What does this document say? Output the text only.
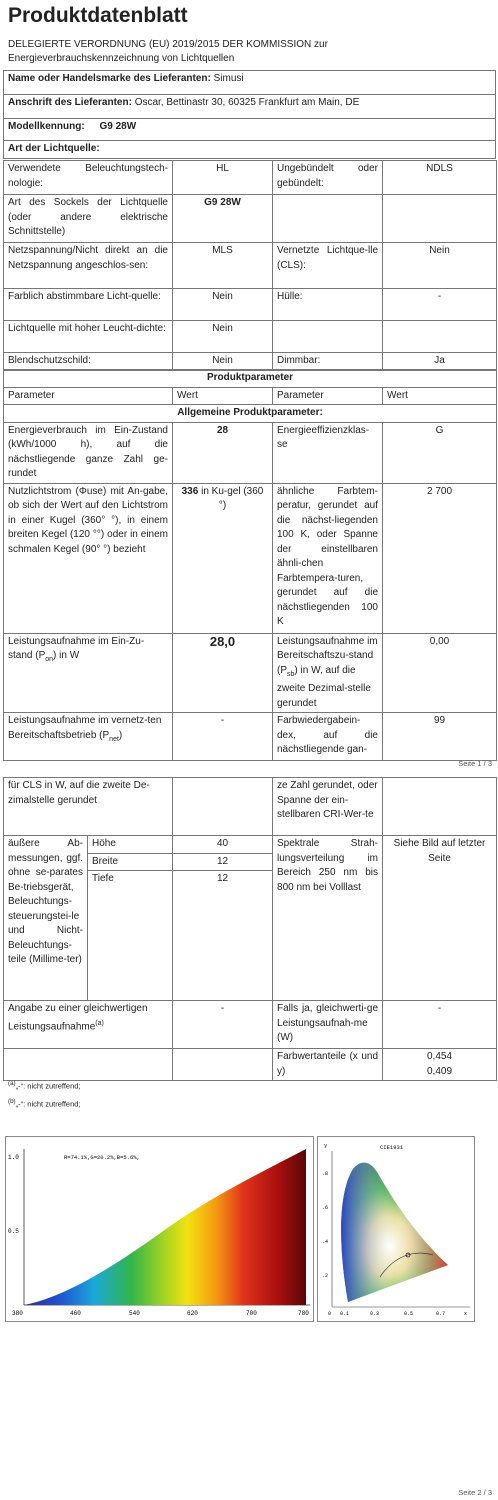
Produktdatenblatt
DELEGIERTE VERORDNUNG (EU) 2019/2015 DER KOMMISSION zur
Energieverbrauchskennzeichnung von Lichtquellen
Name oder Handelsmarke des Lieferanten: Simusi
Anschrift des Lieferanten: Oscar, Bettinastr 30, 60325 Frankfurt am Main, DE
Modellkennung: G9 28W
Art der Lichtquelle:
Verwendete Beleuchtungstech-nologie:	HL	Ungebündelt oder gebündelt:	NDLS
Art des Sockels der Lichtquelle (oder andere elektrische Schnittstelle)	G9 28W		
Netzspannung/Nicht direkt an die Netzspannung angeschlos-sen:	MLS	Vernetzte Lichtque-lle (CLS):	Nein
Farblich abstimmbare Licht-quelle:	Nein	Hülle:	-
Lichtquelle mit hoher Leucht-dichte:	Nein		
Blendschutzschild:	Nein	Dimmbar:	Ja
Produktparameter			
Parameter	Wert	Parameter	Wert
Allgemeine Produktparameter:			
Energieverbrauch im Ein-Zustand (kWh/1000 h), auf die nächstliegende ganze Zahl ge-rundet	28	Energieeffizienzklas-se	G
Nutzlichtstrom (Φuse) mit An-gabe, ob sich der Wert auf den Lichtstrom in einer Kugel (360° °), in einem breiten Kegel (120 °°) oder in einem schmalen Kegel (90° °) bezieht	336 in Ku-gel (360 °)	ähnliche Farbtem-peratur, gerundet auf die nächst-liegenden 100 K, oder Spanne der einstellbaren ähnli-chen Farbtempera-turen, gerundet auf die nächstliegenden 100 K	2 700
Leistungsaufnahme im Ein-Zu-stand $(P_{on})$ in W	28,0	Leistungsaufnahme im Bereitschaftszu-stand $(P_{sb})$ in W, auf die zweite Dezimal-stelle gerundet	0,00
Leistungsaufnahme im vernetz-ten Bereitschaftsbetrieb $(P_{net})$	-	Farbwiedergabein-dex, auf die nächstliegende gan-	99
Seite 1 / 3
für CLS in W, auf die zweite De-zimalstelle gerundet			ze Zahl gerundet, oder Spanne der ein-stellbaren CRI-Wer-te	
äußere Ab-messungen, ggf. ohne se-parates Be-triebsgerät, Beleuchtungs-steuerungstei-le und Nicht-Beleuchtungs-teile (Millime-ter)	Höhe	40	Spektrale Strah-lungsverteilung im Bereich 250 nm bis 800 nm bei Volllast	Siehe Bild auf letzter Seite
	Breite	12		
	Tiefe	12		
Angabe zu einer gleichwertigen Leistungsaufnahme$^{(a)}$		-	Falls ja, gleichwerti-ge Leistungsaufnah-me (W)	-
			Farbwertanteile (x und y)	0,454
0,409
$^{(a)}$„-“: nicht zutreffend;
$^{(b)}$„-“: nicht zutreffend;
1.0
0.5
R=74.1%,G=20.2%,B=5.6%,
380	460	540	620	700	780
y	CIE1931
.8
.6
.4
.2
0 0.1	0.3	0.5	0.7	x
Seite 2 / 3
